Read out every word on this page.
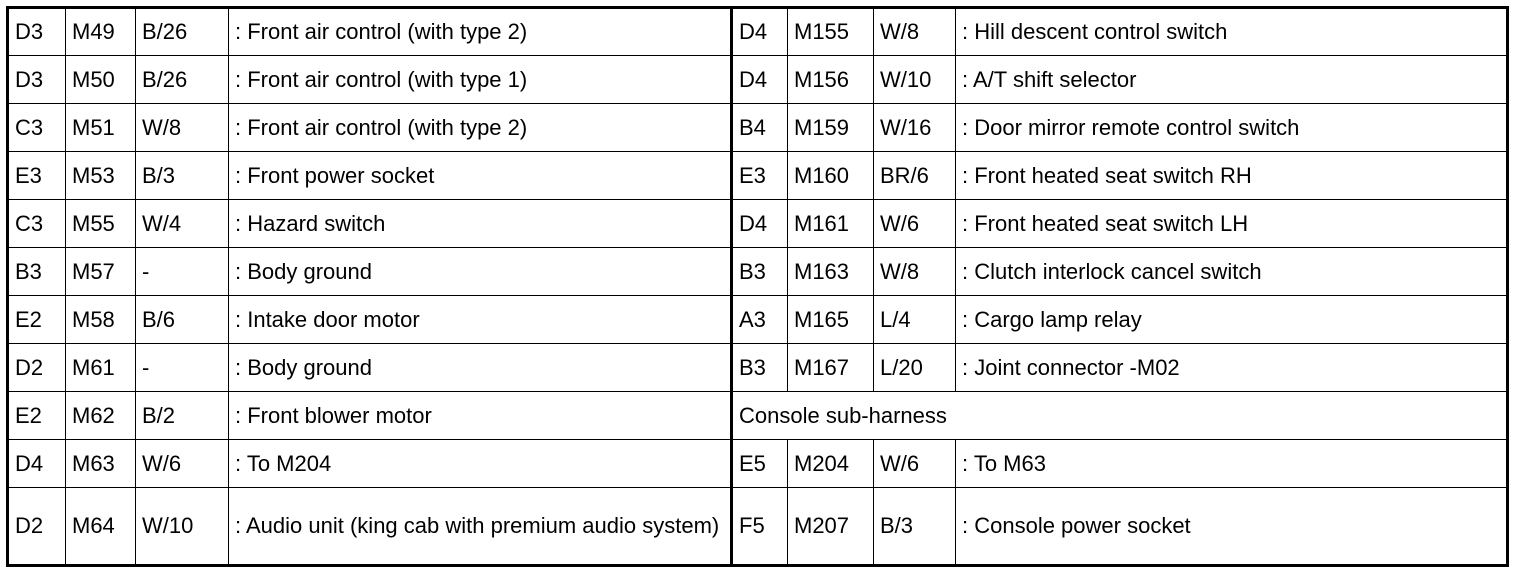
D3	M49	B/26	: Front air control (with type 2)	D4	M155	W/8	: Hill descent control switch
D3	M50	B/26	: Front air control (with type 1)	D4	M156	W/10	: A/T shift selector
C3	M51	W/8	: Front air control (with type 2)	B4	M159	W/16	: Door mirror remote control switch
E3	M53	B/3	: Front power socket	E3	M160	BR/6	: Front heated seat switch RH
C3	M55	W/4	: Hazard switch	D4	M161	W/6	: Front heated seat switch LH
B3	M57	-	: Body ground	B3	M163	W/8	: Clutch interlock cancel switch
E2	M58	B/6	: Intake door motor	A3	M165	L/4	: Cargo lamp relay
D2	M61	-	: Body ground	B3	M167	L/20	: Joint connector -M02
E2	M62	B/2	: Front blower motor	Console sub-harness			
D4	M63	W/6	: To M204	E5	M204	W/6	: To M63
D2	M64	W/10	: Audio unit (king cab with premium audio system)	F5	M207	B/3	: Console power socket
